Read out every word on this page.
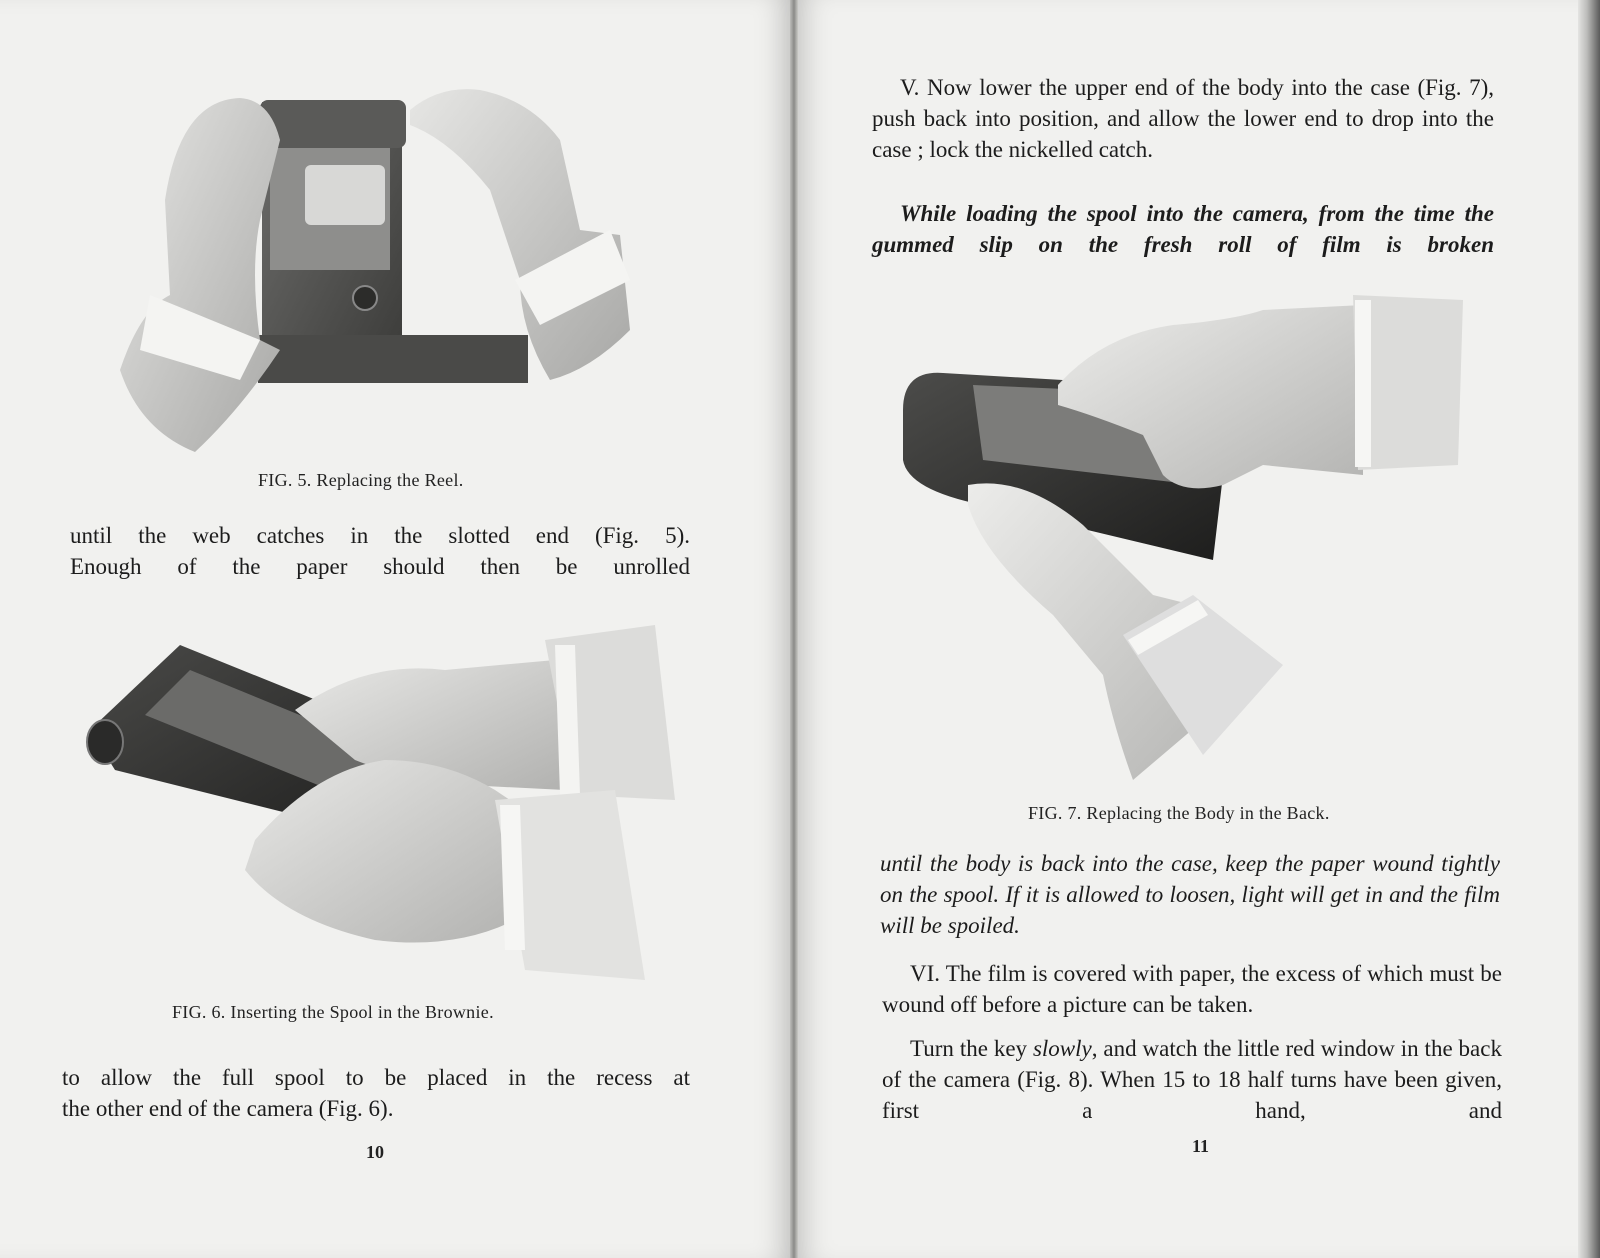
FIG. 5. Replacing the Reel.
until the web catches in the slotted end (Fig. 5).
Enough of the paper should then be unrolled
FIG. 6. Inserting the Spool in the Brownie.
to allow the full spool to be placed in the recess at
the other end of the camera (Fig. 6).
10

V. Now lower the upper end of the body into the case (Fig. 7), push back into position, and allow the lower end to drop into the case ; lock the nickelled catch.

While loading the spool into the camera, from the time the gummed slip on the fresh roll of film is broken

FIG. 7. Replacing the Body in the Back.

until the body is back into the case, keep the paper wound tightly on the spool. If it is allowed to loosen, light will get in and the film will be spoiled.

VI. The film is covered with paper, the excess of which must be wound off before a picture can be taken.

Turn the key slowly, and watch the little red window in the back of the camera (Fig. 8). When 15 to 18 half turns have been given, first a hand, and

11
